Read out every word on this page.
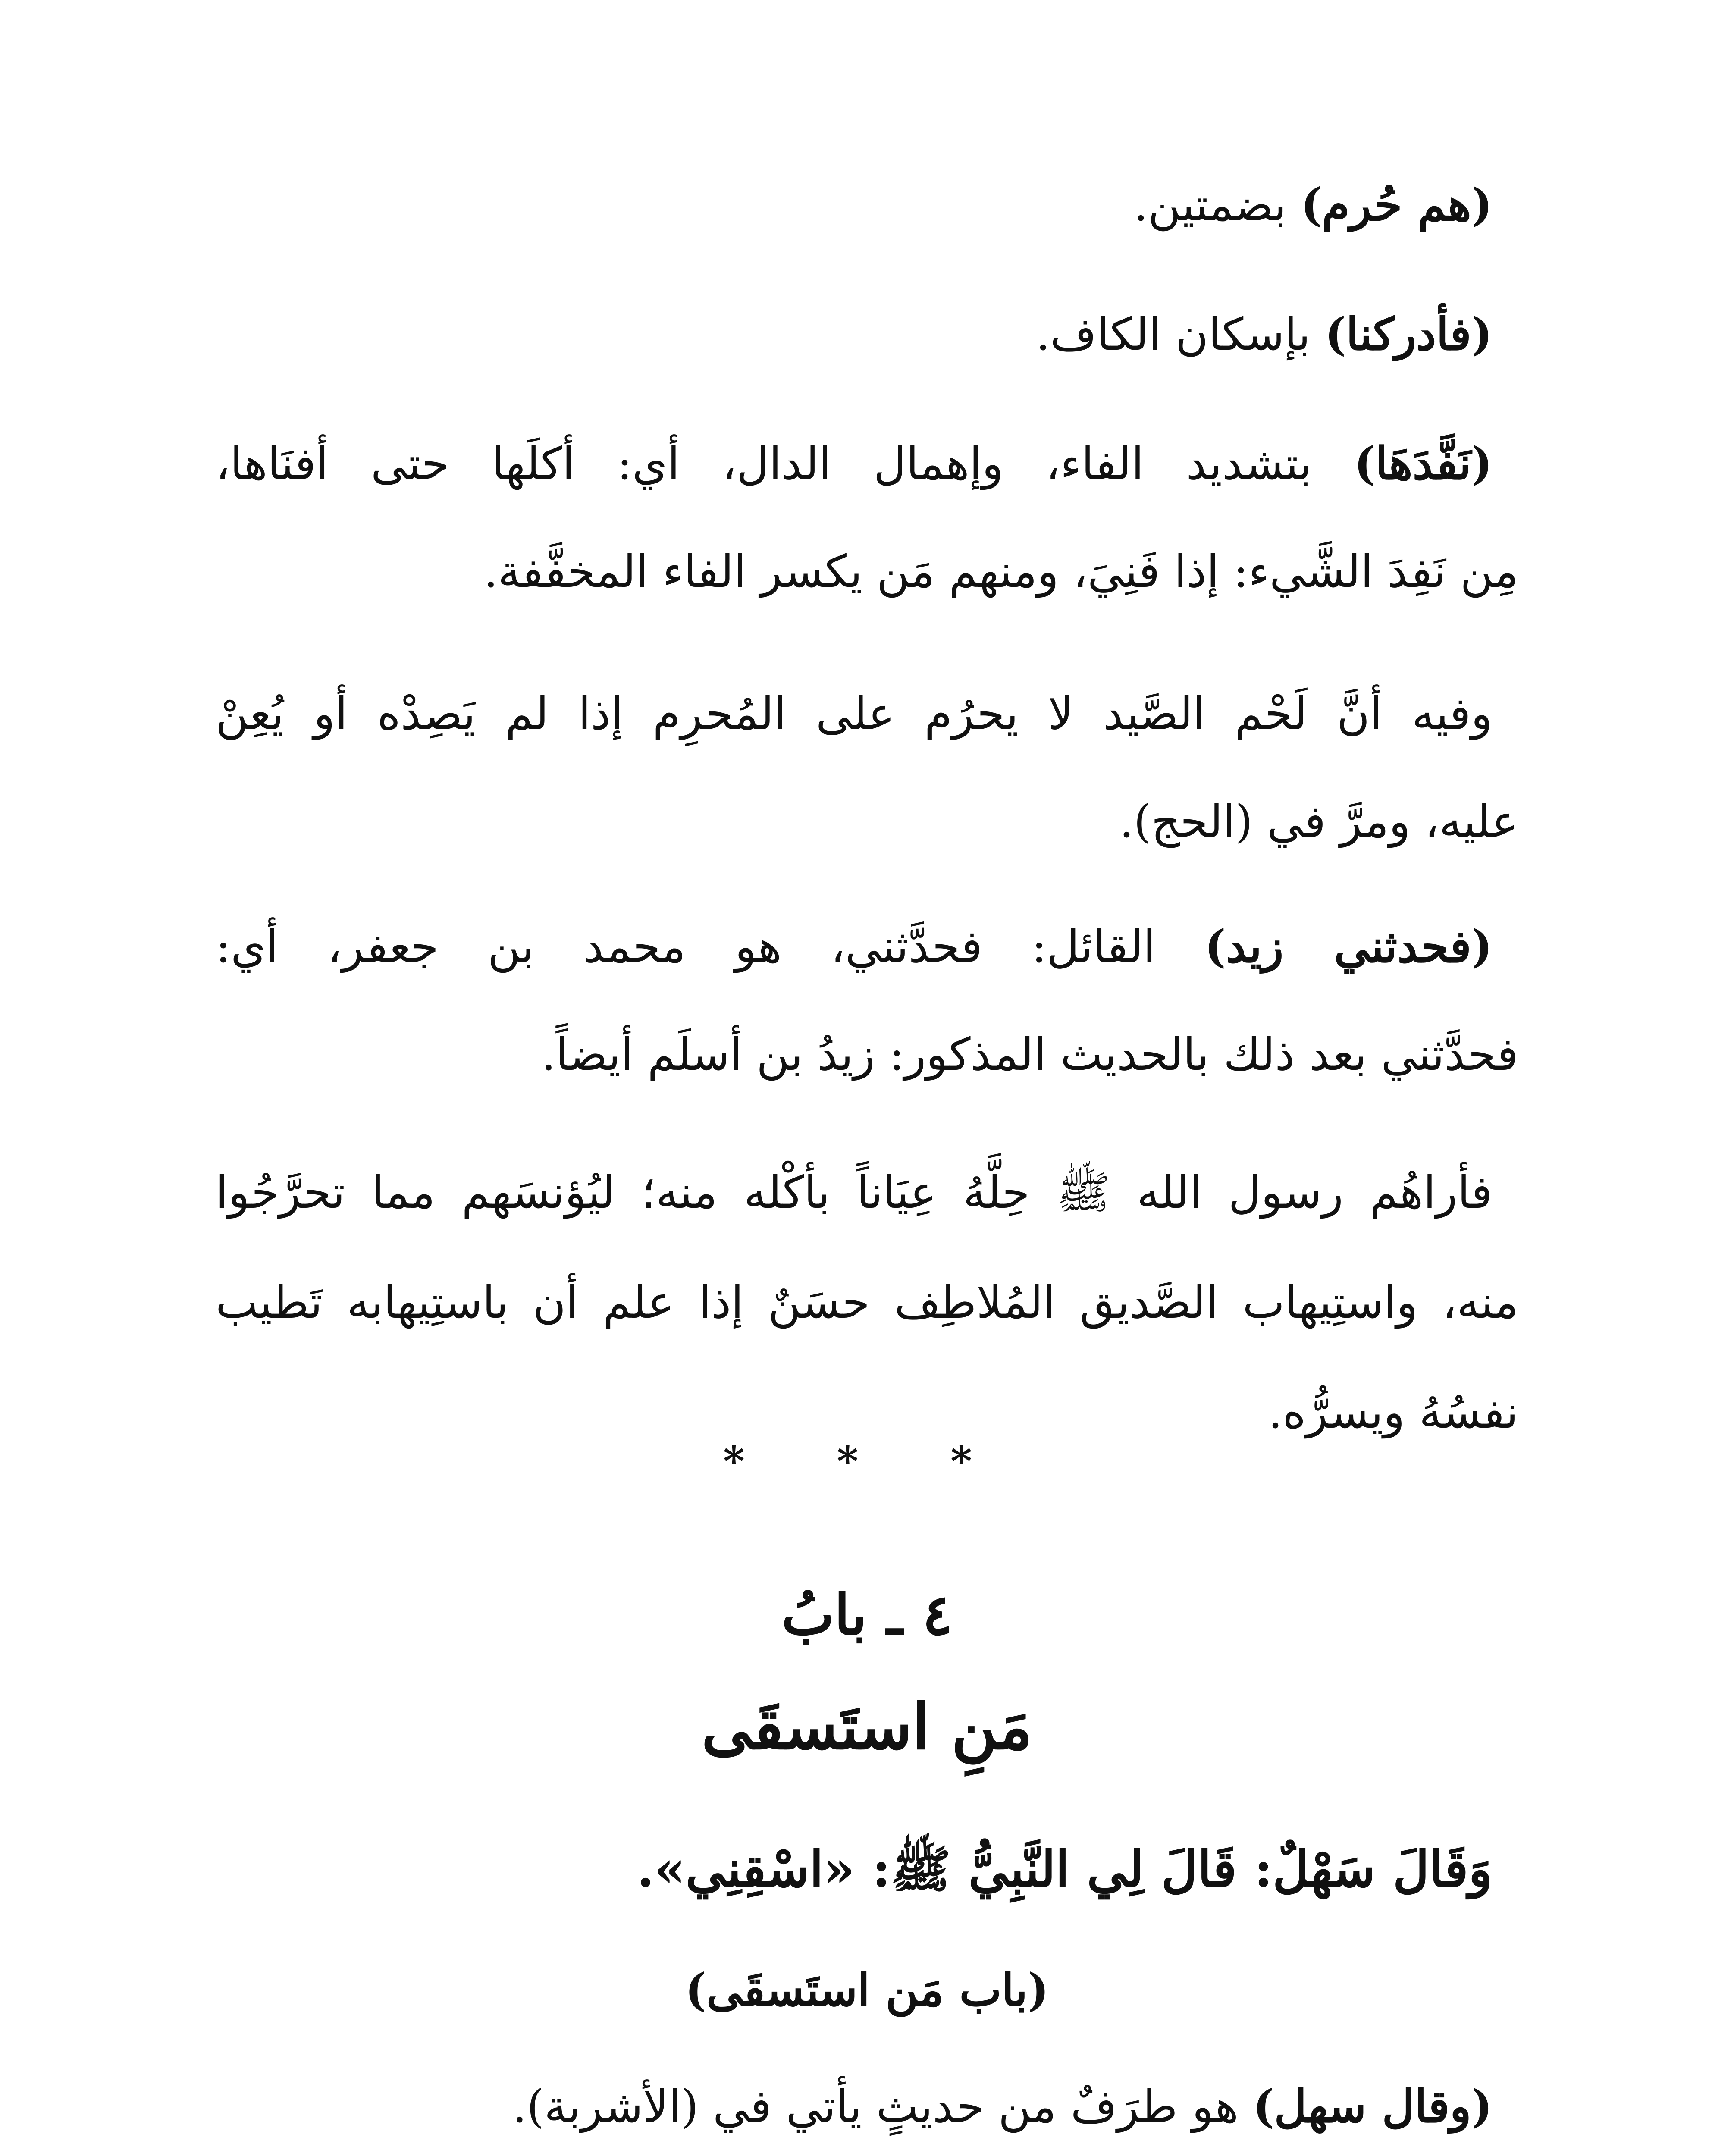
(هم حُرم) بضمتين.

(فأدركنا) بإسكان الكاف.

(نَفَّدَهَا) بتشديد الفاء، وإهمال الدال، أي: أكلَها حتى أفنَاها،

مِن نَفِدَ الشَّيء: إذا فَنِيَ، ومنهم مَن يكسر الفاء المخفَّفة.

وفيه أنَّ لَحْم الصَّيد لا يحرُم على المُحرِم إذا لم يَصِدْه أو يُعِنْ

عليه، ومرَّ في (الحج).

(فحدثني زيد) القائل: فحدَّثني، هو محمد بن جعفر، أي:

فحدَّثني بعد ذلك بالحديث المذكور: زيدُ بن أسلَم أيضاً.

فأراهُم رسول الله ﷺ حِلَّهُ عِيَاناً بأكْله منه؛ ليُؤنسَهم مما تحرَّجُوا

منه، واستِيهاب الصَّديق المُلاطِف حسَنٌ إذا علم أن باستِيهابه تَطيب

نفسُهُ ويسرُّه.

* * *

٤ ـ بابُ

مَنِ استَسقَى

وَقَالَ سَهْلٌ: قَالَ لِي النَّبِيُّ ﷺ: «اسْقِنِي».

(باب مَن استَسقَى)

(وقال سهل) هو طرَفٌ من حديثٍ يأتي في (الأشربة).
